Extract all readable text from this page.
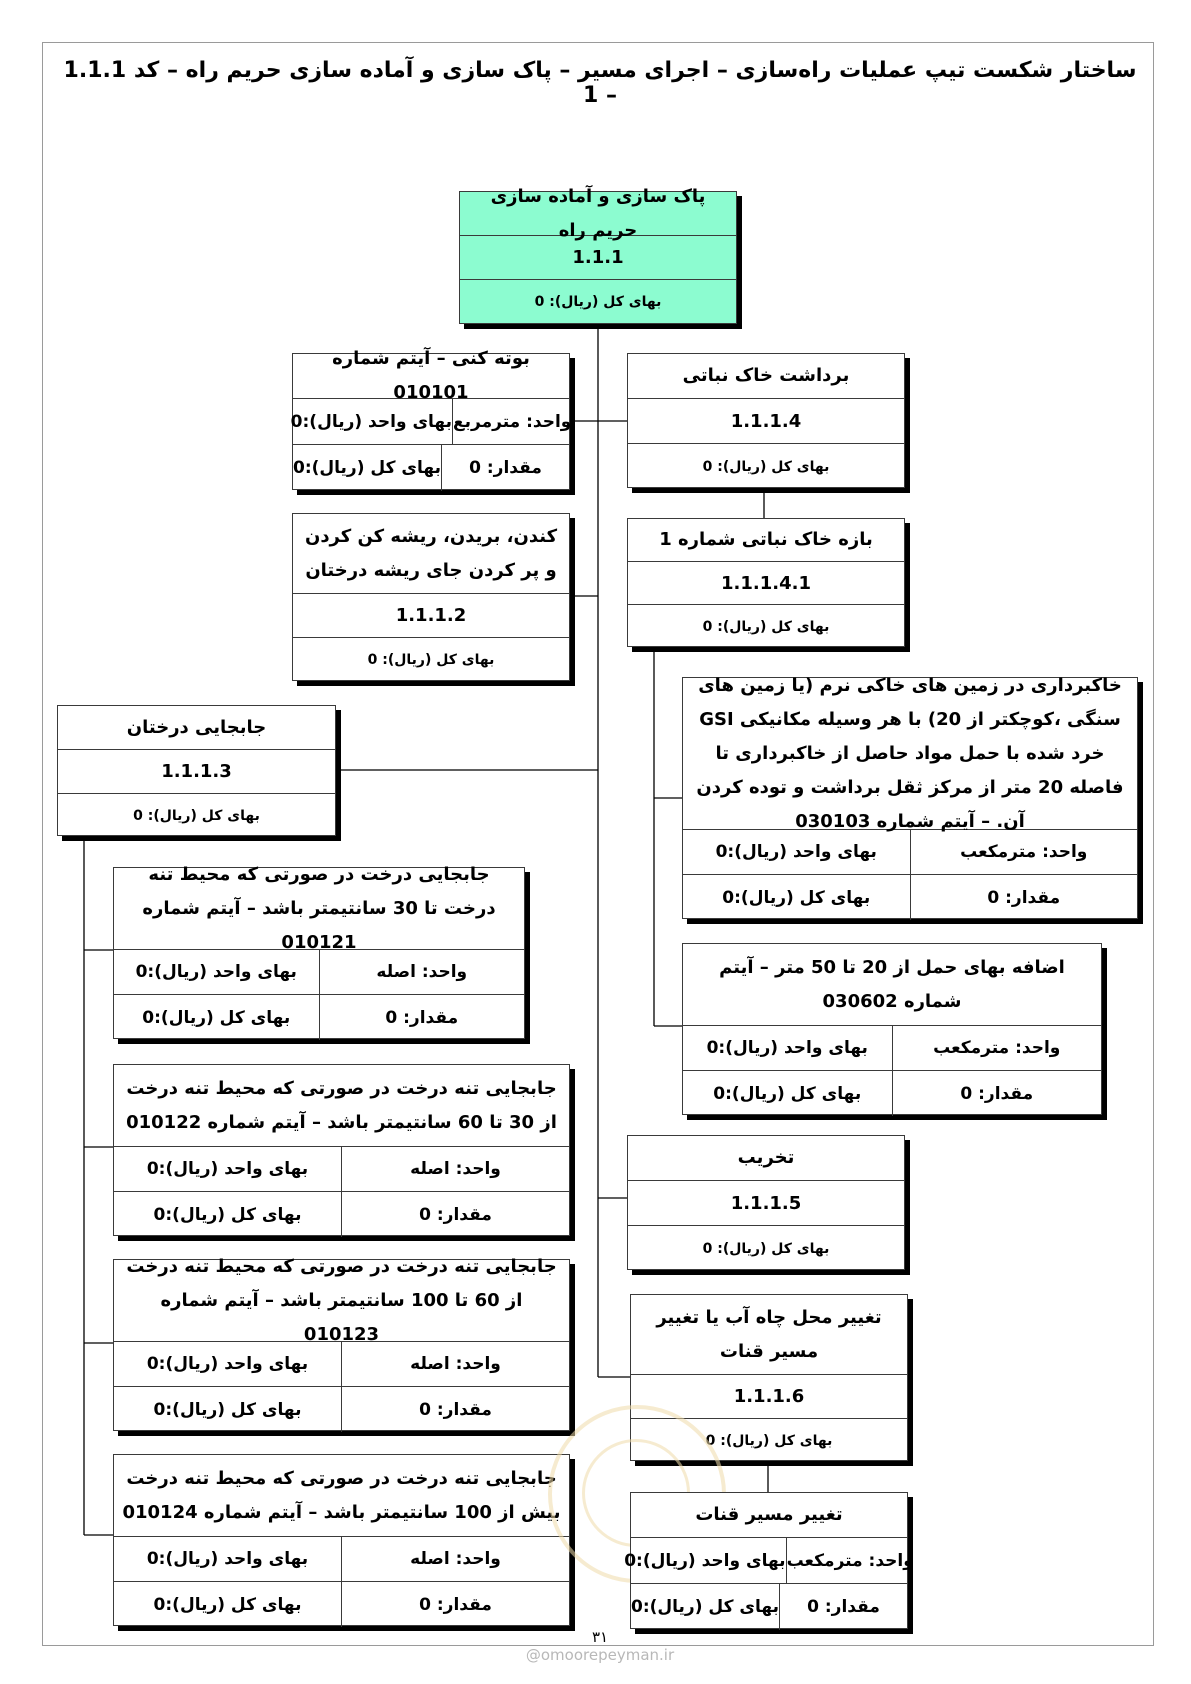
ساختار شکست تیپ عملیات راه‌سازی – اجرای مسیر – پاک سازی و آماده سازی حریم راه – کد 1.1.1 – 1
پاک سازی و آماده سازی حریم راه
1.1.1
بهای کل (ریال): 0
بوته کنی – آیتم شماره 010101
واحد: مترمربع
بهای واحد (ریال):0
مقدار: 0
بهای کل (ریال):0
برداشت خاک نباتی
1.1.1.4
بهای کل (ریال): 0
کندن، بریدن، ریشه کن کردن و پر کردن جای ریشه درختان
1.1.1.2
بهای کل (ریال): 0
بازه خاک نباتی شماره 1
1.1.1.4.1
بهای کل (ریال): 0
خاکبرداری در زمین های خاکی نرم (یا زمین های سنگی ،کوچکتر از 20) با هر وسیله مکانیکی GSI خرد شده با حمل مواد حاصل از خاکبرداری تا فاصله 20 متر از مرکز ثقل برداشت و توده کردن آن. – آیتم شماره 030103
واحد: مترمکعب
بهای واحد (ریال):0
مقدار: 0
بهای کل (ریال):0
اضافه بهای حمل از 20 تا 50 متر – آیتم شماره 030602
واحد: مترمکعب
بهای واحد (ریال):0
مقدار: 0
بهای کل (ریال):0
جابجایی درختان
1.1.1.3
بهای کل (ریال): 0
جابجایی درخت در صورتی که محیط تنه درخت تا 30 سانتیمتر باشد – آیتم شماره 010121
واحد: اصله
بهای واحد (ریال):0
مقدار: 0
بهای کل (ریال):0
جابجایی تنه درخت در صورتی که محیط تنه درخت از 30 تا 60 سانتیمتر باشد – آیتم شماره 010122
واحد: اصله
بهای واحد (ریال):0
مقدار: 0
بهای کل (ریال):0
جابجایی تنه درخت در صورتی که محیط تنه درخت از 60 تا 100 سانتیمتر باشد – آیتم شماره 010123
واحد: اصله
بهای واحد (ریال):0
مقدار: 0
بهای کل (ریال):0
جابجایی تنه درخت در صورتی که محیط تنه درخت بیش از 100 سانتیمتر باشد – آیتم شماره 010124
واحد: اصله
بهای واحد (ریال):0
مقدار: 0
بهای کل (ریال):0
تخریب
1.1.1.5
بهای کل (ریال): 0
تغییر محل چاه آب یا تغییر مسیر قنات
1.1.1.6
بهای کل (ریال): 0
تغییر مسیر قنات
واحد: مترمکعب
بهای واحد (ریال):0
مقدار: 0
بهای کل (ریال):0
۳۱
@omoorepeyman.ir
